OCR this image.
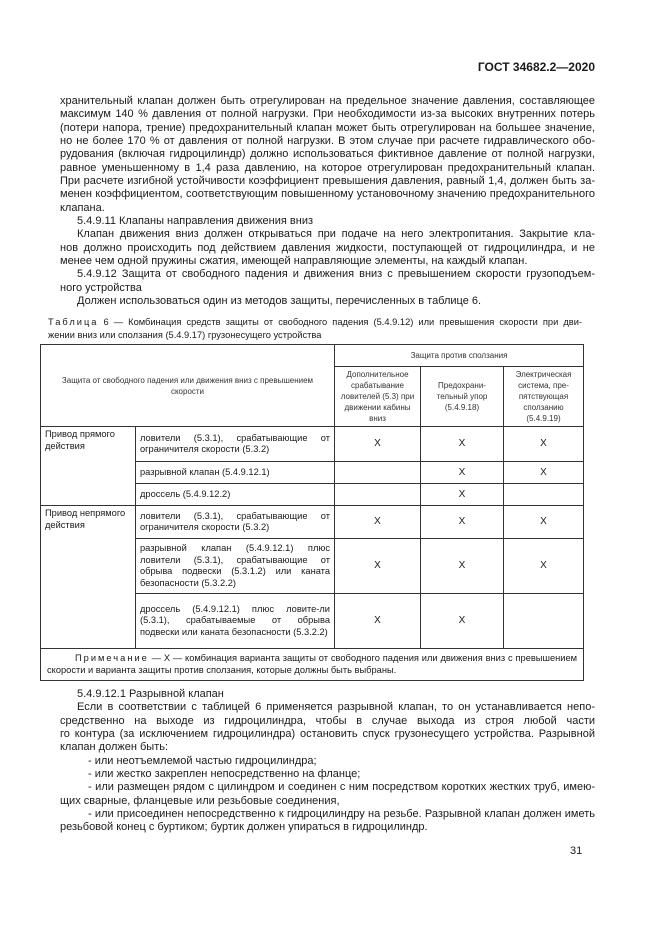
ГОСТ 34682.2—2020
хранительный клапан должен быть отрегулирован на предельное значение давления, составляющее
максимум 140 % давления от полной нагрузки. При необходимости из-за высоких внутренних потерь
(потери напора, трение) предохранительный клапан может быть отрегулирован на большее значение,
но не более 170 % от давления от полной нагрузки. В этом случае при расчете гидравлического обо-
рудования (включая гидроцилиндр) должно использоваться фиктивное давление от полной нагрузки,
равное уменьшенному в 1,4 раза давлению, на которое отрегулирован предохранительный клапан.
При расчете изгибной устойчивости коэффициент превышения давления, равный 1,4, должен быть за-
менен коэффициентом, соответствующим повышенному установочному значению предохранительного
клапана.
5.4.9.11 Клапаны направления движения вниз
Клапан движения вниз должен открываться при подаче на него электропитания. Закрытие кла-
нов должно происходить под действием давления жидкости, поступающей от гидроцилиндра, и не
менее чем одной пружины сжатия, имеющей направляющие элементы, на каждый клапан.
5.4.9.12 Защита от свободного падения и движения вниз с превышением скорости грузоподъем-
ного устройства
Должен использоваться один из методов защиты, перечисленных в таблице 6.
Таблица 6 — Комбинация средств защиты от свободного падения (5.4.9.12) или превышения скорости при дви-
жении вниз или сползания (5.4.9.17) грузонесущего устройства
Защита от свободного падения или движения вниз с превышением скорости		Защита против сползания		
		Дополнительное срабатывание ловителей (5.3) при движении кабины вниз	Предохрани-тельный упор (5.4.9.18)	Электрическая система, пре-пятствующая сползанию (5.4.9.19)
Привод прямого действия	ловители (5.3.1), срабатывающие от ограничителя скорости (5.3.2)	X	X	X
	разрывной клапан (5.4.9.12.1)		X	X
	дроссель (5.4.9.12.2)		X	
Привод непрямого действия	ловители (5.3.1), срабатывающие от ограничителя скорости (5.3.2)	X	X	X
	разрывной клапан (5.4.9.12.1) плюс ловители (5.3.1), срабатывающие от обрыва подвески (5.3.1.2) или каната безопасности (5.3.2.2)	X	X	X
	дроссель (5.4.9.12.1) плюс ловите-ли (5.3.1), срабатываемые от обрыва подвески или каната безопасности (5.3.2.2)	X	X	
Примечание — X — комбинация варианта защиты от свободного падения или движения вниз с превышением скорости и варианта защиты против сползания, которые должны быть выбраны.				
5.4.9.12.1 Разрывной клапан
Если в соответствии с таблицей 6 применяется разрывной клапан, то он устанавливается непо-
средственно на выходе из гидроцилиндра, чтобы в случае выхода из строя любой части
го контура (за исключением гидроцилиндра) остановить спуск грузонесущего устройства. Разрывной
клапан должен быть:
- или неотъемлемой частью гидроцилиндра;
- или жестко закреплен непосредственно на фланце;
- или размещен рядом с цилиндром и соединен с ним посредством коротких жестких труб, имею-
щих сварные, фланцевые или резьбовые соединения,
- или присоединен непосредственно к гидроцилиндру на резьбе. Разрывной клапан должен иметь
резьбовой конец с буртиком; буртик должен упираться в гидроцилиндр.
31
